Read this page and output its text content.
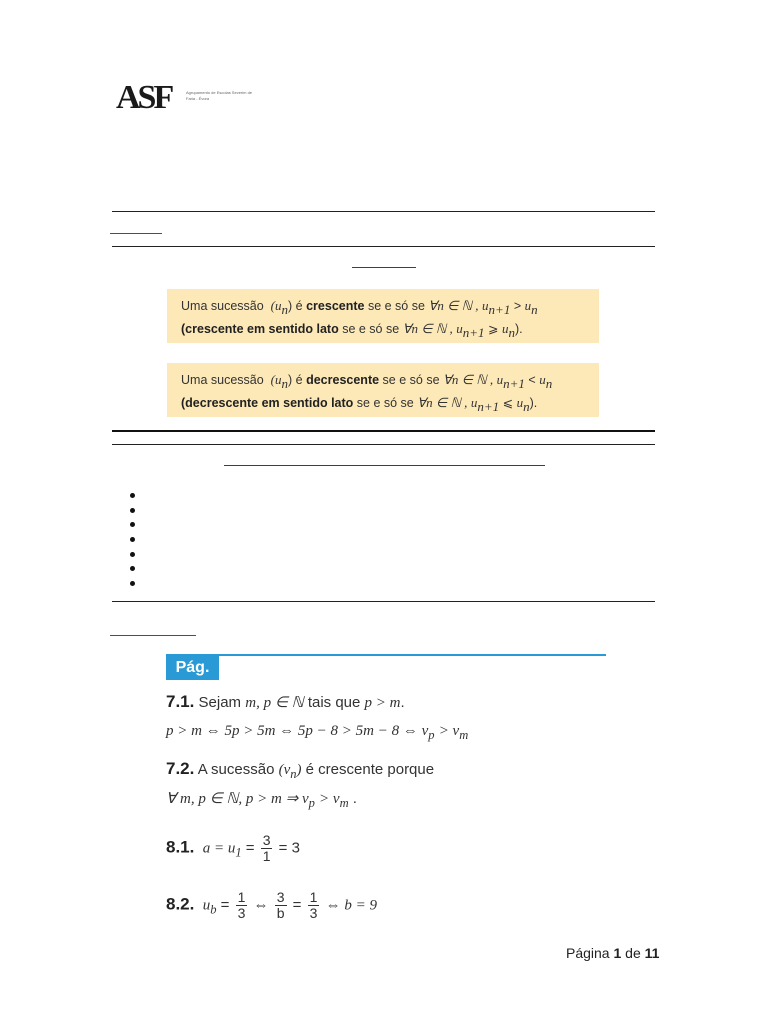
ASF	Agrupamento de Escolas Severim de Faria - Évora
Uma sucessão $(u_n)$ é crescente se e só se ∀n ∈ ℕ , $u_{n+1} > u_n$
(crescente em sentido lato se e só se ∀n ∈ ℕ , $u_{n+1}$ ⩾ $u_n$).
Uma sucessão $(u_n)$ é decrescente se e só se ∀n ∈ ℕ , $u_{n+1} < u_n$
(decrescente em sentido lato se e só se ∀n ∈ ℕ , $u_{n+1}$ ⩽ $u_n$).
Pág. 12
7.1. Sejam m, p ∈ ℕ tais que p > m.
p > m ⇔ 5p > 5m ⇔ 5p − 8 > 5m − 8 ⇔ $v_p > v_m$
7.2. A sucessão $(v_n)$ é crescente porque
∀ m, p ∈ ℕ, p > m ⇒ $v_p > v_m$ .
8.1. $a = u_1 = \frac{3}{1} = 3$
8.2. $u_b = \frac{1}{3}$ ⇔ $\frac{3}{b} = \frac{1}{3}$ ⇔ b = 9
Página 1 de 11
